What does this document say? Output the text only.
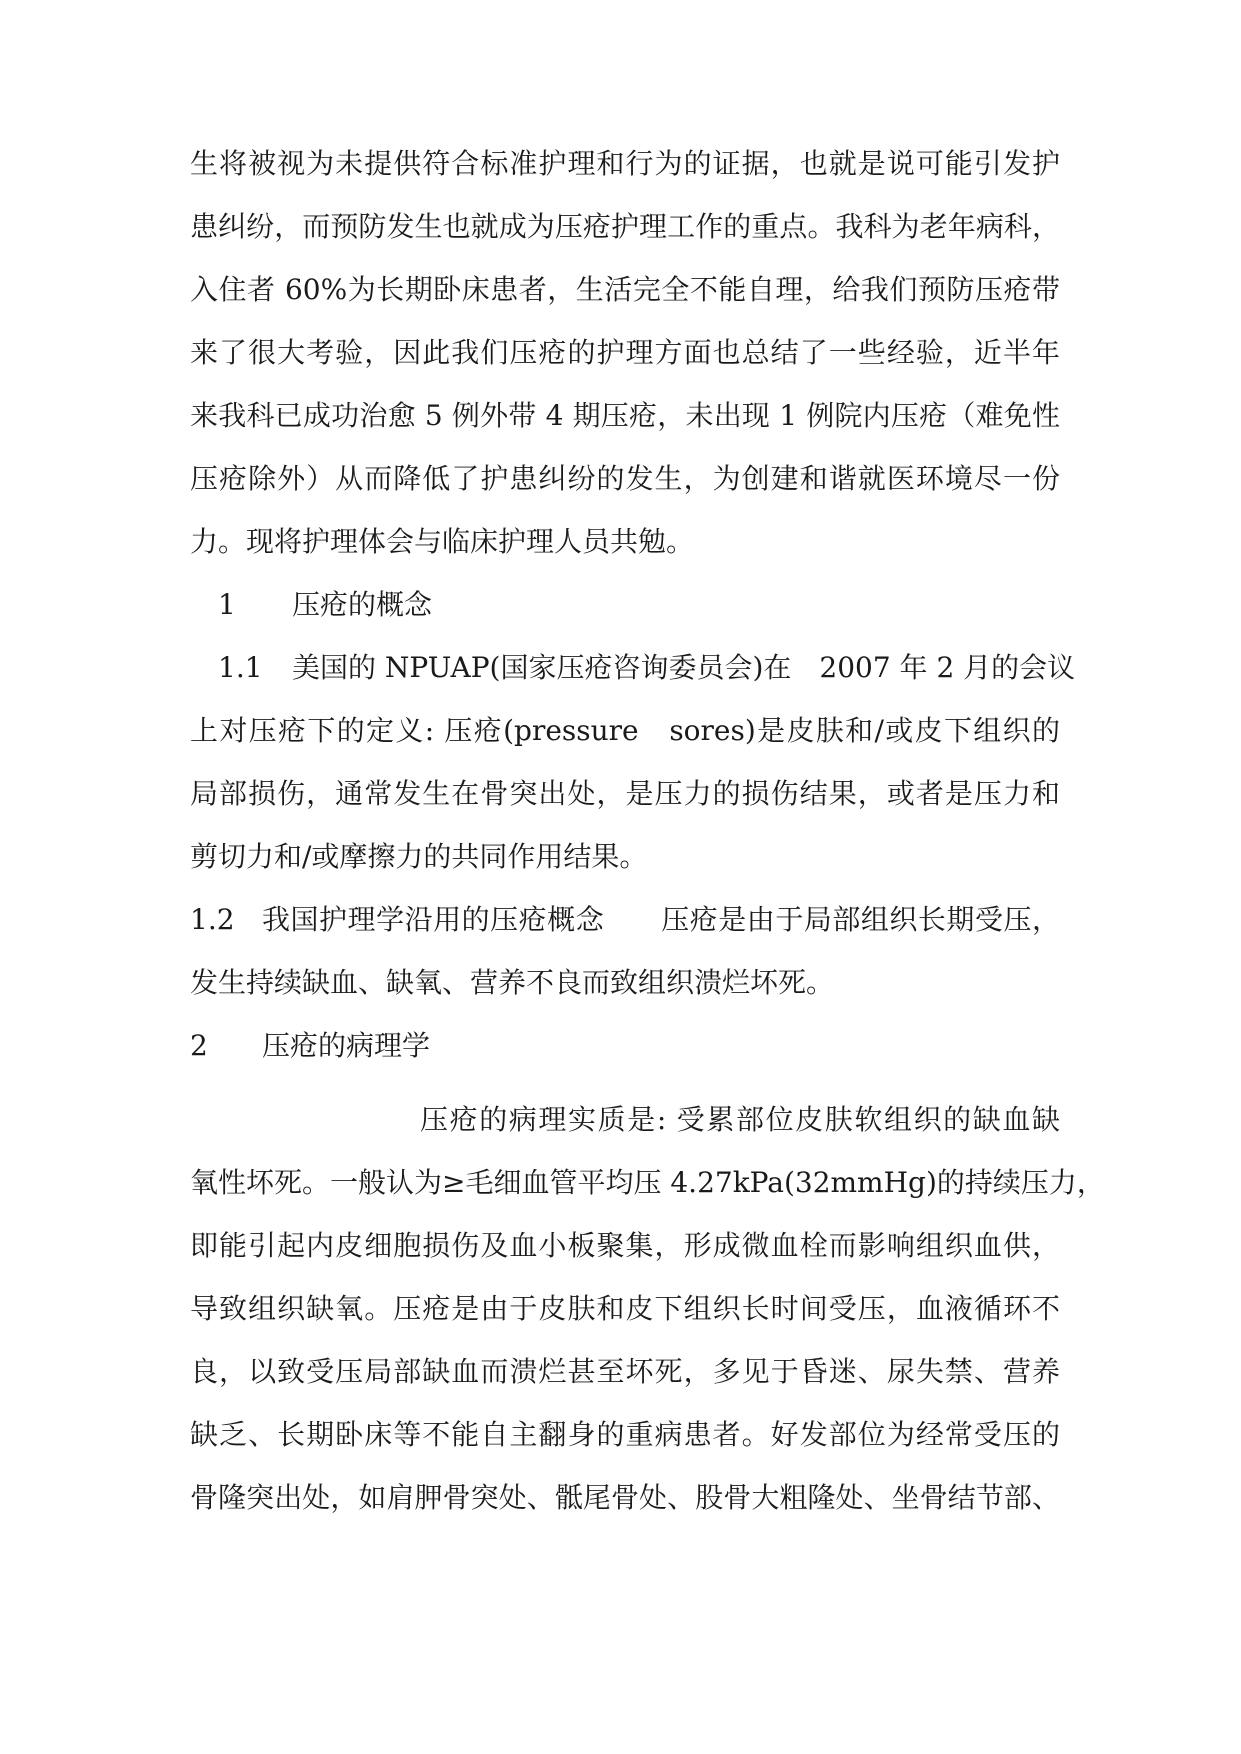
生将被视为未提供符合标准护理和行为的证据，也就是说可能引发护
患纠纷，而预防发生也就成为压疮护理工作的重点。我科为老年病科，
入住者 60%为长期卧床患者，生活完全不能自理，给我们预防压疮带
来了很大考验，因此我们压疮的护理方面也总结了一些经验，近半年
来我科已成功治愈 5 例外带 4 期压疮，未出现 1 例院内压疮（难免性
压疮除外）从而降低了护患纠纷的发生，为创建和谐就医环境尽一份
力。现将护理体会与临床护理人员共勉。
1 压疮的概念
1.1 美国的 NPUAP(国家压疮咨询委员会)在　2007 年 2 月的会议
上对压疮下的定义: 压疮(pressure　sores)是皮肤和/或皮下组织的
局部损伤，通常发生在骨突出处，是压力的损伤结果，或者是压力和
剪切力和/或摩擦力的共同作用结果。
1.2 我国护理学沿用的压疮概念　　压疮是由于局部组织长期受压，
发生持续缺血、缺氧、营养不良而致组织溃烂坏死。
2 压疮的病理学
压疮的病理实质是: 受累部位皮肤软组织的缺血缺
氧性坏死。一般认为≥毛细血管平均压 4.27kPa(32mmHg)的持续压力，
即能引起内皮细胞损伤及血小板聚集，形成微血栓而影响组织血供，
导致组织缺氧。压疮是由于皮肤和皮下组织长时间受压，血液循环不
良，以致受压局部缺血而溃烂甚至坏死，多见于昏迷、尿失禁、营养
缺乏、长期卧床等不能自主翻身的重病患者。好发部位为经常受压的
骨隆突出处，如肩胛骨突处、骶尾骨处、股骨大粗隆处、坐骨结节部、
